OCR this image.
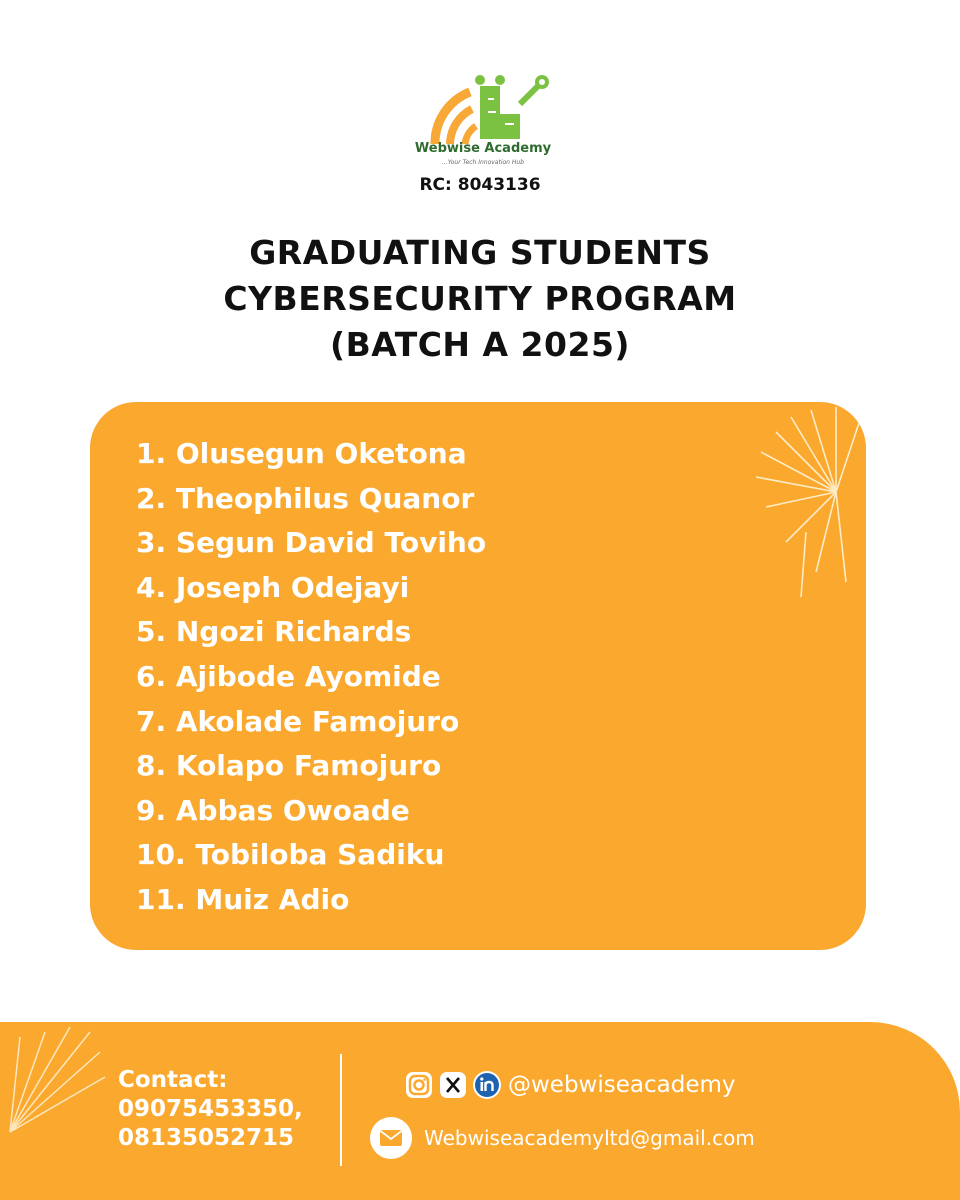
Webwise Academy
...Your Tech Innovation Hub
RC: 8043136
GRADUATING STUDENTS
CYBERSECURITY PROGRAM
(BATCH A 2025)
1. Olusegun Oketona
2. Theophilus Quanor
3. Segun David Toviho
4. Joseph Odejayi
5. Ngozi Richards
6. Ajibode Ayomide
7. Akolade Famojuro
8. Kolapo Famojuro
9. Abbas Owoade
10. Tobiloba Sadiku
11. Muiz Adio
Contact:
09075453350,
08135052715
@webwiseacademy
Webwiseacademyltd@gmail.com
